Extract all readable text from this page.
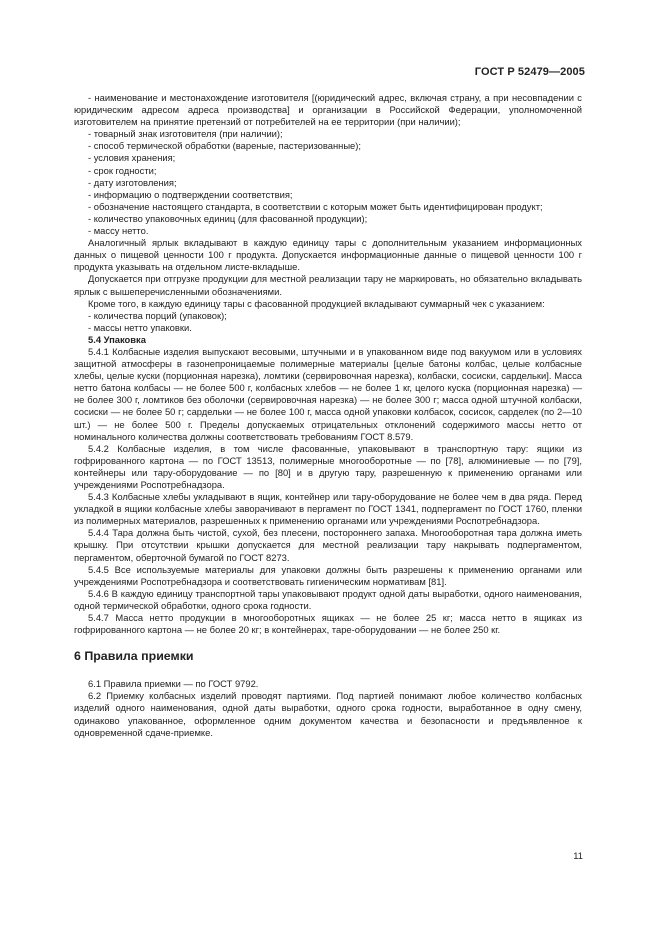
ГОСТ Р 52479—2005

- наименование и местонахождение изготовителя [(юридический адрес, включая страну, а при несовпадении с юридическим адресом адреса производства] и организации в Российской Федерации, уполномоченной изготовителем на принятие претензий от потребителей на ее территории (при наличии);

- товарный знак изготовителя (при наличии);

- способ термической обработки (вареные, пастеризованные);

- условия хранения;

- срок годности;

- дату изготовления;

- информацию о подтверждении соответствия;

- обозначение настоящего стандарта, в соответствии с которым может быть идентифицирован продукт;

- количество упаковочных единиц (для фасованной продукции);

- массу нетто.

Аналогичный ярлык вкладывают в каждую единицу тары с дополнительным указанием информационных данных о пищевой ценности 100 г продукта. Допускается информационные данные о пищевой ценности 100 г продукта указывать на отдельном листе-вкладыше.

Допускается при отгрузке продукции для местной реализации тару не маркировать, но обязательно вкладывать ярлык с вышеперечисленными обозначениями.

Кроме того, в каждую единицу тары с фасованной продукцией вкладывают суммарный чек с указанием:

- количества порций (упаковок);

- массы нетто упаковки.

5.4 Упаковка

5.4.1 Колбасные изделия выпускают весовыми, штучными и в упакованном виде под вакуумом или в условиях защитной атмосферы в газонепроницаемые полимерные материалы [целые батоны колбас, целые колбасные хлебы, целые куски (порционная нарезка), ломтики (сервировочная нарезка), колбаски, сосиски, сардельки]. Масса нетто батона колбасы — не более 500 г, колбасных хлебов — не более 1 кг, целого куска (порционная нарезка) — не более 300 г, ломтиков без оболочки (сервировочная нарезка) — не более 300 г; масса одной штучной колбаски, сосиски — не более 50 г; сардельки — не более 100 г, масса одной упаковки колбасок, сосисок, сарделек (по 2—10 шт.) — не более 500 г. Пределы допускаемых отрицательных отклонений содержимого массы нетто от номинального количества должны соответствовать требованиям ГОСТ 8.579.

5.4.2 Колбасные изделия, в том числе фасованные, упаковывают в транспортную тару: ящики из гофрированного картона — по ГОСТ 13513, полимерные многооборотные — по [78], алюминиевые — по [79], контейнеры или тару-оборудование — по [80] и в другую тару, разрешенную к применению органами или учреждениями Роспотребнадзора.

5.4.3 Колбасные хлебы укладывают в ящик, контейнер или тару-оборудование не более чем в два ряда. Перед укладкой в ящики колбасные хлебы заворачивают в пергамент по ГОСТ 1341, подпергамент по ГОСТ 1760, пленки из полимерных материалов, разрешенных к применению органами или учреждениями Роспотребнадзора.

5.4.4 Тара должна быть чистой, сухой, без плесени, постороннего запаха. Многооборотная тара должна иметь крышку. При отсутствии крышки допускается для местной реализации тару накрывать подпергаментом, пергаментом, оберточной бумагой по ГОСТ 8273.

5.4.5 Все используемые материалы для упаковки должны быть разрешены к применению органами или учреждениями Роспотребнадзора и соответствовать гигиеническим нормативам [81].

5.4.6 В каждую единицу транспортной тары упаковывают продукт одной даты выработки, одного наименования, одной термической обработки, одного срока годности.

5.4.7 Масса нетто продукции в многооборотных ящиках — не более 25 кг; масса нетто в ящиках из гофрированного картона — не более 20 кг; в контейнерах, таре-оборудовании — не более 250 кг.

6 Правила приемки

6.1 Правила приемки — по ГОСТ 9792.

6.2 Приемку колбасных изделий проводят партиями. Под партией понимают любое количество колбасных изделий одного наименования, одной даты выработки, одного срока годности, выработанное в одну смену, одинаково упакованное, оформленное одним документом качества и безопасности и предъявленное к одновременной сдаче-приемке.

11
